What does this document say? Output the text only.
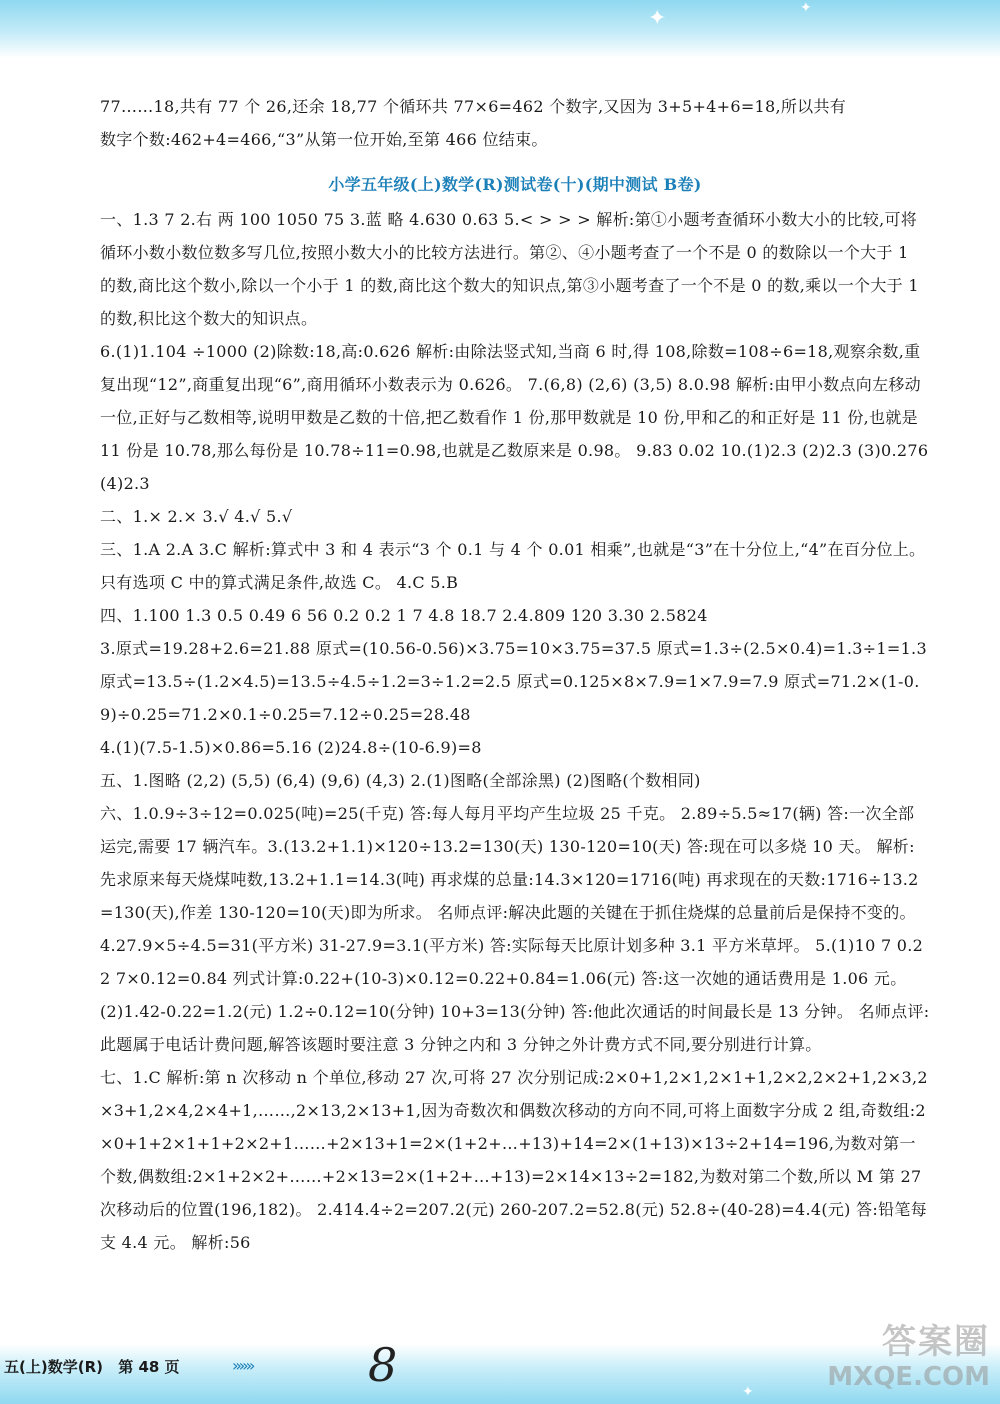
✦	✦

77……18,共有 77 个 26,还余 18,77 个循环共 77×6=462 个数字,又因为 3+5+4+6=18,所以共有

数字个数:462+4=466,“3”从第一位开始,至第 466 位结束。

小学五年级(上)数学(R)测试卷(十)(期中测试 B卷)

一、1.3 7 2.右 两 100 1050 75 3.蓝 略 4.630 0.63 5.< > > > 解析:第①小题考查循环小数大小的比较,可将循环小数小数位数多写几位,按照小数大小的比较方法进行。第②、④小题考查了一个不是 0 的数除以一个大于 1 的数,商比这个数小,除以一个小于 1 的数,商比这个数大的知识点,第③小题考查了一个不是 0 的数,乘以一个大于 1 的数,积比这个数大的知识点。

6.(1)1.104 ÷1000 (2)除数:18,高:0.626̇ 解析:由除法竖式知,当商 6 时,得 108,除数=108÷6=18,观察余数,重复出现“12”,商重复出现“6”,商用循环小数表示为 0.626̇。 7.(6,8) (2,6) (3,5) 8.0.98 解析:由甲小数点向左移动一位,正好与乙数相等,说明甲数是乙数的十倍,把乙数看作 1 份,那甲数就是 10 份,甲和乙的和正好是 11 份,也就是 11 份是 10.78,那么每份是 10.78÷11=0.98,也就是乙数原来是 0.98。 9.83 0.02 10.(1)2.3 (2)2.3 (3)0.276 (4)2.3

二、1.× 2.× 3.√ 4.√ 5.√

三、1.A 2.A 3.C 解析:算式中 3 和 4 表示“3 个 0.1 与 4 个 0.01 相乘”,也就是“3”在十分位上,“4”在百分位上。只有选项 C 中的算式满足条件,故选 C。 4.C 5.B

四、1.100 1.3 0.5 0.49 6 56 0.2 0.2 1 7 4.8 18.7 2.4.809 120 3.30 2.5824

3.原式=19.28+2.6=21.88 原式=(10.56-0.56)×3.75=10×3.75=37.5 原式=1.3÷(2.5×0.4)=1.3÷1=1.3 原式=13.5÷(1.2×4.5)=13.5÷4.5÷1.2=3÷1.2=2.5 原式=0.125×8×7.9=1×7.9=7.9 原式=71.2×(1-0.9)÷0.25=71.2×0.1÷0.25=7.12÷0.25=28.48

4.(1)(7.5-1.5)×0.86=5.16 (2)24.8÷(10-6.9)=8

五、1.图略 (2,2) (5,5) (6,4) (9,6) (4,3) 2.(1)图略(全部涂黑) (2)图略(个数相同)

六、1.0.9÷3÷12=0.025(吨)=25(千克) 答:每人每月平均产生垃圾 25 千克。 2.89÷5.5≈17(辆) 答:一次全部运完,需要 17 辆汽车。3.(13.2+1.1)×120÷13.2=130(天) 130-120=10(天) 答:现在可以多烧 10 天。 解析:先求原来每天烧煤吨数,13.2+1.1=14.3(吨) 再求煤的总量:14.3×120=1716(吨) 再求现在的天数:1716÷13.2=130(天),作差 130-120=10(天)即为所求。 名师点评:解决此题的关键在于抓住烧煤的总量前后是保持不变的。 4.27.9×5÷4.5=31(平方米) 31-27.9=3.1(平方米) 答:实际每天比原计划多种 3.1 平方米草坪。 5.(1)10 7 0.22 7×0.12=0.84 列式计算:0.22+(10-3)×0.12=0.22+0.84=1.06(元) 答:这一次她的通话费用是 1.06 元。 (2)1.42-0.22=1.2(元) 1.2÷0.12=10(分钟) 10+3=13(分钟) 答:他此次通话的时间最长是 13 分钟。 名师点评:此题属于电话计费问题,解答该题时要注意 3 分钟之内和 3 分钟之外计费方式不同,要分别进行计算。

七、1.C 解析:第 n 次移动 n 个单位,移动 27 次,可将 27 次分别记成:2×0+1,2×1,2×1+1,2×2,2×2+1,2×3,2×3+1,2×4,2×4+1,……,2×13,2×13+1,因为奇数次和偶数次移动的方向不同,可将上面数字分成 2 组,奇数组:2×0+1+2×1+1+2×2+1……+2×13+1=2×(1+2+…+13)+14=2×(1+13)×13÷2+14=196,为数对第一个数,偶数组:2×1+2×2+……+2×13=2×(1+2+…+13)=2×14×13÷2=182,为数对第二个数,所以 M 第 27 次移动后的位置(196,182)。 2.414.4÷2=207.2(元) 260-207.2=52.8(元) 52.8÷(40-28)=4.4(元) 答:铅笔每支 4.4 元。 解析:56

✦
五(上)数学(R) 第 48 页	»»»	8	答案圈
MXQE.COM
